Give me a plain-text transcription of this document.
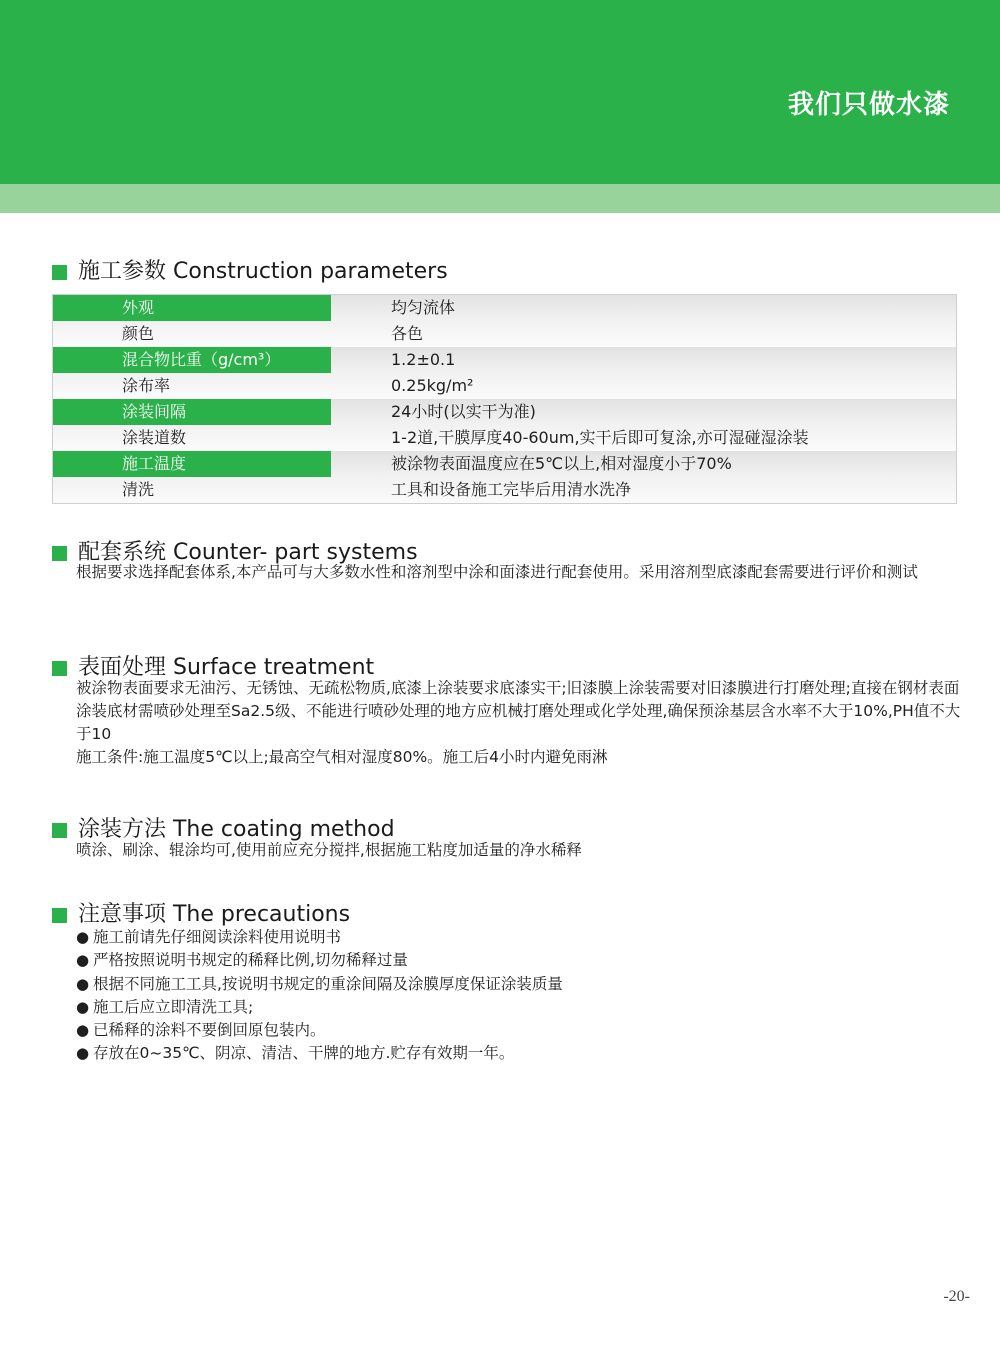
我们只做水漆
施工参数 Construction parameters
外观	均匀流体
颜色	各色
混合物比重（g/cm³）	1.2±0.1
涂布率	0.25kg/m²
涂装间隔	24小时(以实干为准)
涂装道数	1-2道,干膜厚度40-60um,实干后即可复涂,亦可湿碰湿涂装
施工温度	被涂物表面温度应在5℃以上,相对湿度小于70%
清洗	工具和设备施工完毕后用清水洗净
配套系统 Counter- part systems

根据要求选择配套体系,本产品可与大多数水性和溶剂型中涂和面漆进行配套使用。采用溶剂型底漆配套需要进行评价和测试

表面处理 Surface treatment

被涂物表面要求无油污、无锈蚀、无疏松物质,底漆上涂装要求底漆实干;旧漆膜上涂装需要对旧漆膜进行打磨处理;直接在钢材表面涂装底材需喷砂处理至Sa2.5级、不能进行喷砂处理的地方应机械打磨处理或化学处理,确保预涂基层含水率不大于10%,PH值不大于10

施工条件:施工温度5℃以上;最高空气相对湿度80%。施工后4小时内避免雨淋

涂装方法 The coating method

喷涂、刷涂、辊涂均可,使用前应充分搅拌,根据施工粘度加适量的净水稀释

注意事项 The precautions
● 施工前请先仔细阅读涂料使用说明书
● 严格按照说明书规定的稀释比例,切勿稀释过量
● 根据不同施工工具,按说明书规定的重涂间隔及涂膜厚度保证涂装质量
● 施工后应立即清洗工具;
● 已稀释的涂料不要倒回原包装内。
● 存放在0~35℃、阴凉、清洁、干牌的地方.贮存有效期一年。
-20-
